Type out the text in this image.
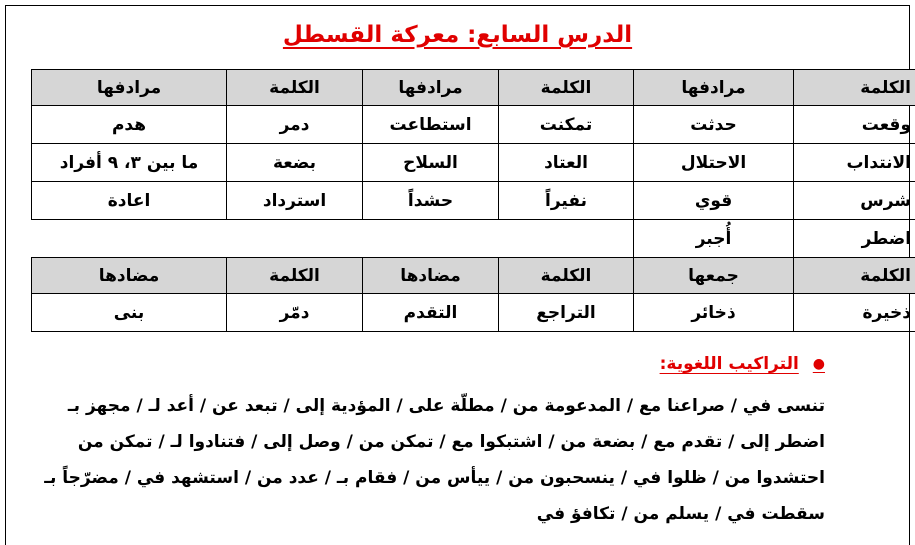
الدرس السابع: معركة القسطل
الكلمة	مرادفها	الكلمة	مرادفها	الكلمة	مرادفها
وقعت	حدثت	تمكنت	استطاعت	دمر	هدم
الانتداب	الاحتلال	العتاد	السلاح	بضعة	ما بين ٣، ٩ أفراد
شرس	قوي	نفيراً	حشداً	استرداد	اعادة
اضطر	أُجبر				
الكلمة	جمعها	الكلمة	مضادها	الكلمة	مضادها
ذخيرة	ذخائر	التراجع	التقدم	دمّر	بنى
●
التراكيب اللغوية:
تنسى في / صراعنا مع / المدعومة من / مطلّة على / المؤدية إلى / تبعد عن / أعد لـ / مجهز بـ
اضطر إلى / تقدم مع / بضعة من / اشتبكوا مع / تمكن من / وصل إلى / فتنادوا لـ / تمكن من
احتشدوا من / ظلوا في / ينسحبون من / ييأس من / فقام بـ / عدد من / استشهد في / مضرّجاً بـ
سقطت في / يسلم من / تكافؤ في
